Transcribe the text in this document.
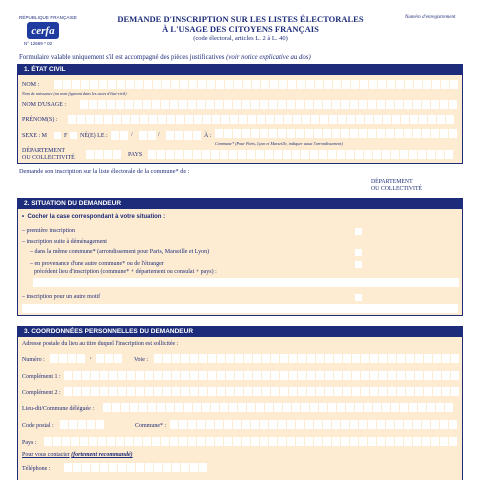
RÉPUBLIQUE FRANÇAISE
cerfa
N° 12669 * 02
DEMANDE D'INSCRIPTION SUR LES LISTES ÉLECTORALES
À L'USAGE DES CITOYENS FRANÇAIS
(code électoral, articles L. 2 à L. 40)
Numéro d'enregistrement
Formulaire valable uniquement s'il est accompagné des pièces justificatives (voir notice explicative au dos)
1. ÉTAT CIVIL
NOM :
Nom de naissance (ou nom figurant dans les actes d'état-civil)
NOM D'USAGE :
PRÉNOM(S) :
SEXE : M	F NÉ(E) LE :	/	/	À :
Commune* (Pour Paris, Lyon et Marseille, indiquer aussi l'arrondissement)
DÉPARTEMENT
OU COLLECTIVITÉ	PAYS
Demande son inscription sur la liste électorale de la commune* de :
DÉPARTEMENT
OU COLLECTIVITÉ
2. SITUATION DU DEMANDEUR
•  Cocher la case correspondant à votre situation :
– première inscription
– inscription suite à déménagement
– dans la même commune* (arrondissement pour Paris, Marseille et Lyon)
– en provenance d'une autre commune* ou de l'étranger
précédent lieu d'inscription (commune* + département ou consulat + pays) :
– inscription pour un autre motif
3. COORDONNÉES PERSONNELLES DU DEMANDEUR
Adresse postale du lieu au titre duquel l'inscription est sollicitée :
Numéro :	,	Voie :
Complément 1 :
Complément 2 :
Lieu-dit/Commune déléguée :
Code postal :	Commune* :
Pays :
Pour vous contacter (fortement recommandé)
Téléphone :
